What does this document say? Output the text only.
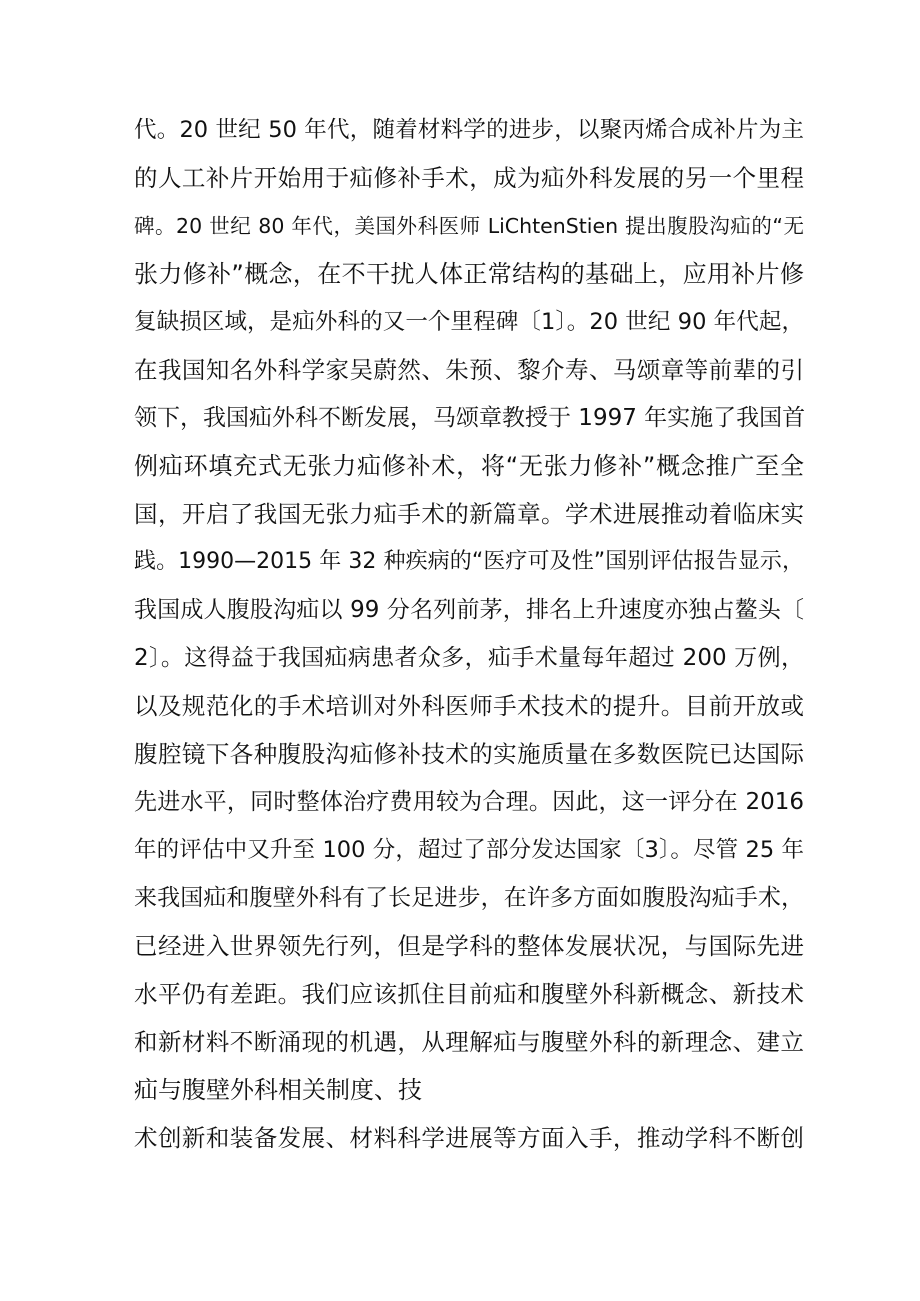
代。20 世纪 50 年代，随着材料学的进步，以聚丙烯合成补片为主
的人工补片开始用于疝修补手术，成为疝外科发展的另一个里程
碑。20 世纪 80 年代，美国外科医师 LiChtenStien 提出腹股沟疝的“无
张力修补”概念，在不干扰人体正常结构的基础上，应用补片修
复缺损区域，是疝外科的又一个里程碑〔1〕。20 世纪 90 年代起，
在我国知名外科学家吴蔚然、朱预、黎介寿、马颂章等前辈的引
领下，我国疝外科不断发展，马颂章教授于 1997 年实施了我国首
例疝环填充式无张力疝修补术，将“无张力修补”概念推广至全
国，开启了我国无张力疝手术的新篇章。学术进展推动着临床实
践。1990—2015 年 32 种疾病的“医疗可及性”国别评估报告显示，
我国成人腹股沟疝以 99 分名列前茅，排名上升速度亦独占鳌头〔
2〕。这得益于我国疝病患者众多，疝手术量每年超过 200 万例，
以及规范化的手术培训对外科医师手术技术的提升。目前开放或
腹腔镜下各种腹股沟疝修补技术的实施质量在多数医院已达国际
先进水平，同时整体治疗费用较为合理。因此，这一评分在 2016
年的评估中又升至 100 分，超过了部分发达国家〔3〕。尽管 25 年
来我国疝和腹壁外科有了长足进步，在许多方面如腹股沟疝手术，
已经进入世界领先行列，但是学科的整体发展状况，与国际先进
水平仍有差距。我们应该抓住目前疝和腹壁外科新概念、新技术
和新材料不断涌现的机遇，从理解疝与腹壁外科的新理念、建立
疝与腹壁外科相关制度、技
术创新和装备发展、材料科学进展等方面入手，推动学科不断创
